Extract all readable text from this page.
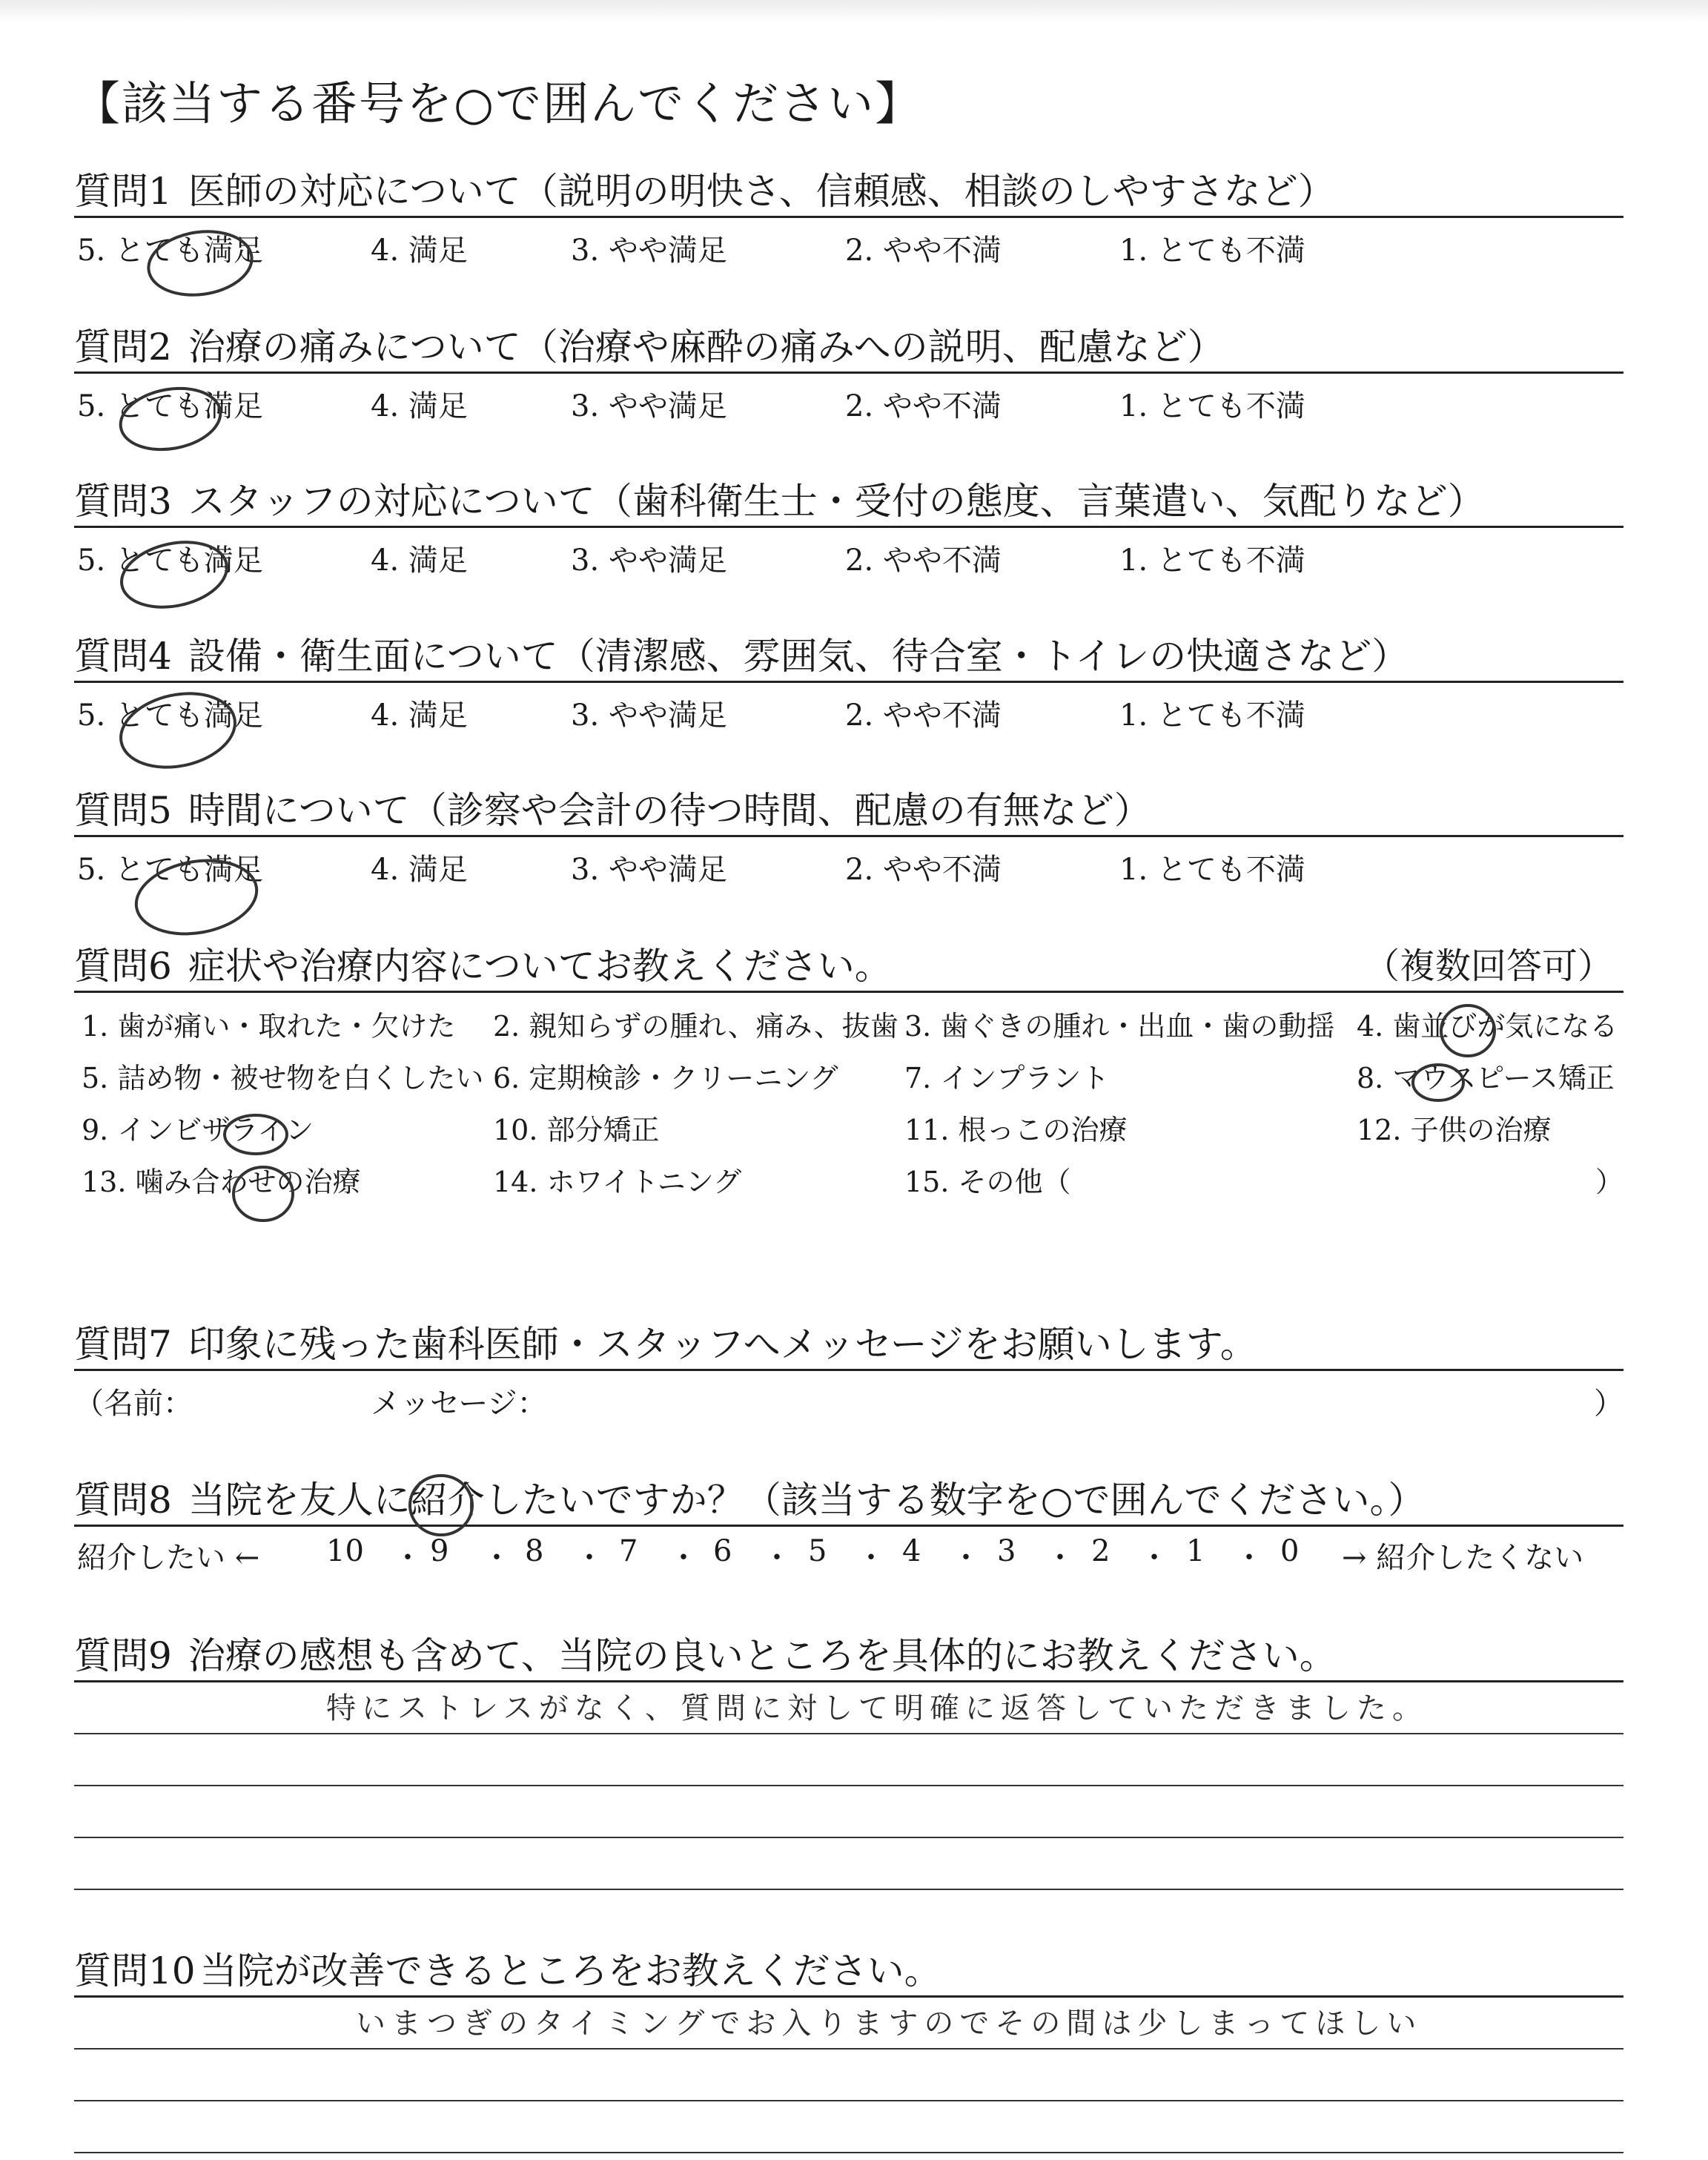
【該当する番号を○で囲んでください】
質問1 医師の対応について（説明の明快さ、信頼感、相談のしやすさなど）
5. とても満足	4. 満足	3. やや満足	2. やや不満	1. とても不満
質問2 治療の痛みについて（治療や麻酔の痛みへの説明、配慮など）
5. とても満足	4. 満足	3. やや満足	2. やや不満	1. とても不満
質問3 スタッフの対応について（歯科衛生士・受付の態度、言葉遣い、気配りなど）
5. とても満足	4. 満足	3. やや満足	2. やや不満	1. とても不満
質問4 設備・衛生面について（清潔感、雰囲気、待合室・トイレの快適さなど）
5. とても満足	4. 満足	3. やや満足	2. やや不満	1. とても不満
質問5 時間について（診察や会計の待つ時間、配慮の有無など）
5. とても満足	4. 満足	3. やや満足	2. やや不満	1. とても不満
質問6 症状や治療内容についてお教えください。	（複数回答可）
1. 歯が痛い・取れた・欠けた 2. 親知らずの腫れ、痛み、抜歯 3. 歯ぐきの腫れ・出血・歯の動揺 4. 歯並びが気になる
5. 詰め物・被せ物を白くしたい 6. 定期検診・クリーニング 7. インプラント	8. マウスピース矯正
9. インビザライン	10. 部分矯正	11. 根っこの治療	12. 子供の治療
13. 噛み合わせの治療	14. ホワイトニング	15. その他（	）
質問7 印象に残った歯科医師・スタッフへメッセージをお願いします。
（名前：	メッセージ：	）
質問8 当院を友人に紹介したいですか？（該当する数字を○で囲んでください。）
紹介したい ← 10 ・ 9 ・ 8 ・ 7 ・ 6 ・ 5 ・ 4 ・ 3 ・ 2 ・ 1 ・ 0 → 紹介したくない
質問9 治療の感想も含めて、当院の良いところを具体的にお教えください。
特にストレスがなく、質問に対して明確に返答していただきました。
質問10 当院が改善できるところをお教えください。
いまつぎのタイミングでお入りますのでその間は少しまってほしい
